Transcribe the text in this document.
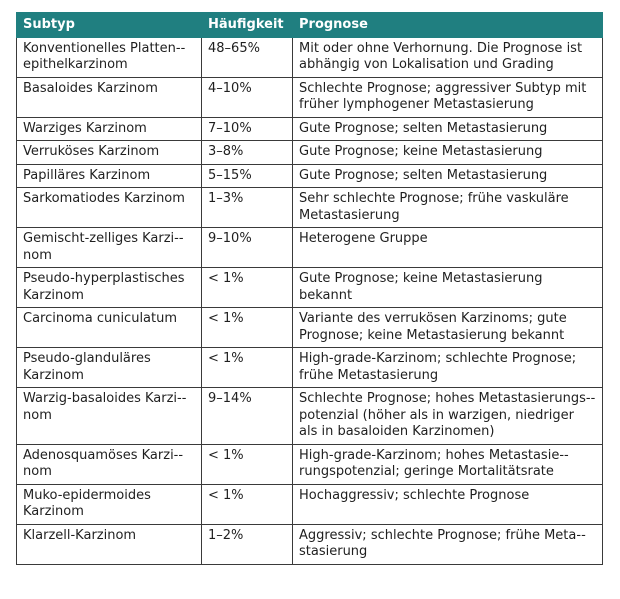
Subtyp	Häufigkeit	Prognose
Konventionelles Platten-epithelkarzinom	48–65%	Mit oder ohne Verhornung. Die Prognose ist abhängig von Lokalisation und Grading
Basaloides Karzinom	4–10%	Schlechte Prognose; aggressiver Subtyp mit früher lymphogener Metastasierung
Warziges Karzinom	7–10%	Gute Prognose; selten Metastasierung
Verruköses Karzinom	3–8%	Gute Prognose; keine Metastasierung
Papilläres Karzinom	5–15%	Gute Prognose; selten Metastasierung
Sarkomatiodes Karzinom	1–3%	Sehr schlechte Prognose; frühe vaskuläre Metastasierung
Gemischt-zelliges Karzi-nom	9–10%	Heterogene Gruppe
Pseudo-hyperplastisches Karzinom	< 1%	Gute Prognose; keine Metastasierung bekannt
Carcinoma cuniculatum	< 1%	Variante des verrukösen Karzinoms; gute Prognose; keine Metastasierung bekannt
Pseudo-glanduläres Karzinom	< 1%	High-grade-Karzinom; schlechte Prognose; frühe Metastasierung
Warzig-basaloides Karzi-nom	9–14%	Schlechte Prognose; hohes Metastasierungs-potenzial (höher als in warzigen, niedriger als in basaloiden Karzinomen)
Adenosquamöses Karzi-nom	< 1%	High-grade-Karzinom; hohes Metastasie-rungspotenzial; geringe Mortalitätsrate
Muko-epidermoides Karzinom	< 1%	Hochaggressiv; schlechte Prognose
Klarzell-Karzinom	1–2%	Aggressiv; schlechte Prognose; frühe Meta-stasierung
